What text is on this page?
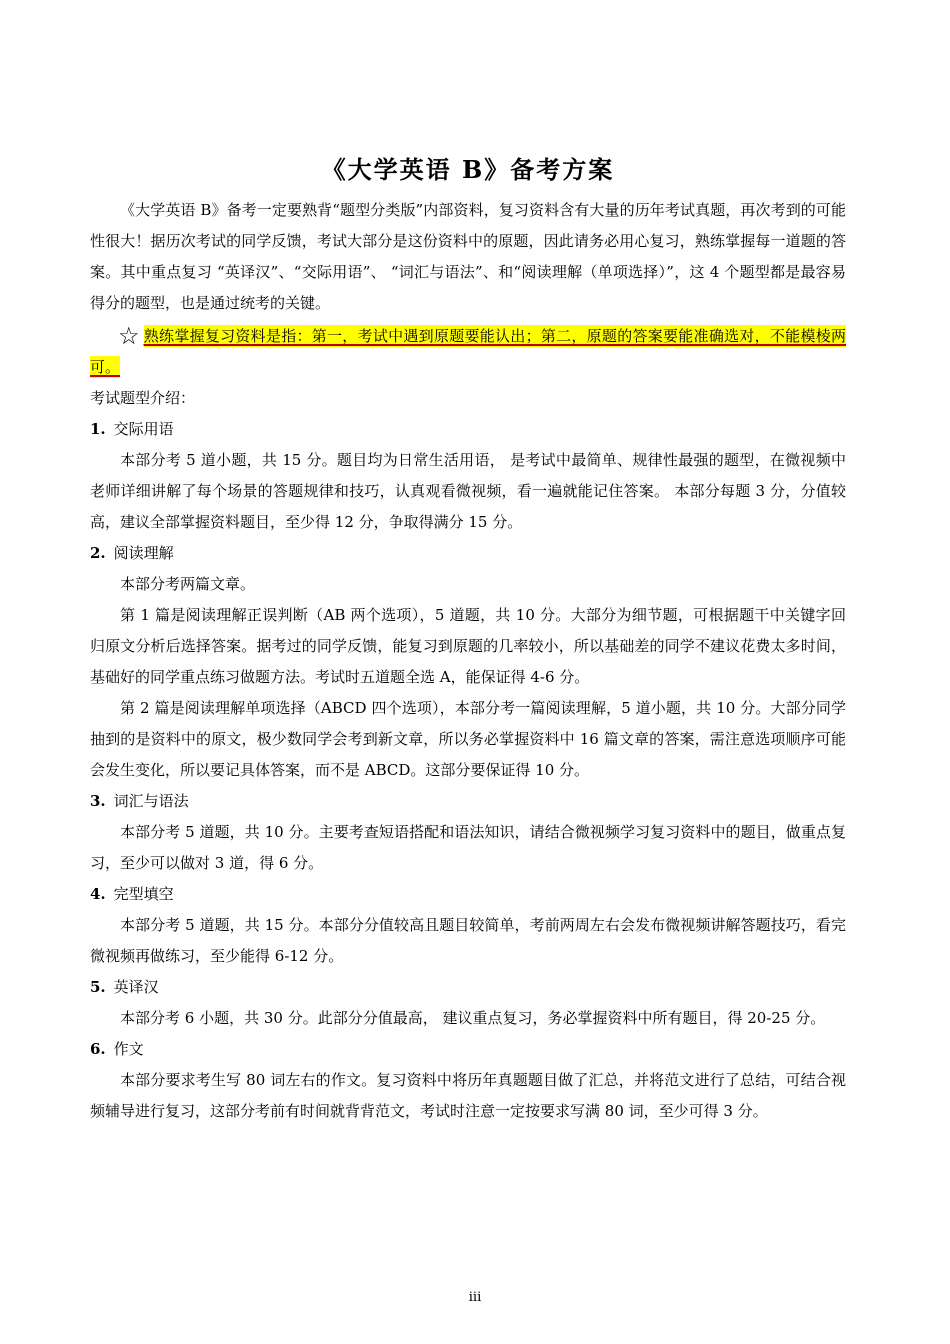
《大学英语 B》备考方案

《大学英语 B》备考一定要熟背“题型分类版”内部资料，复习资料含有大量的历年考试真题，再次考到的可能性很大！据历次考试的同学反馈，考试大部分是这份资料中的原题，因此请务必用心复习，熟练掌握每一道题的答案。其中重点复习 “英译汉”、“交际用语”、 “词汇与语法”、和“阅读理解（单项选择）”，这 4 个题型都是最容易得分的题型，也是通过统考的关键。

☆ 熟练掌握复习资料是指：第一，考试中遇到原题要能认出；第二，原题的答案要能准确选对，不能模棱两可。

考试题型介绍：

1. 交际用语

本部分考 5 道小题，共 15 分。题目均为日常生活用语， 是考试中最简单、规律性最强的题型，在微视频中老师详细讲解了每个场景的答题规律和技巧，认真观看微视频，看一遍就能记住答案。 本部分每题 3 分，分值较高，建议全部掌握资料题目，至少得 12 分，争取得满分 15 分。

2. 阅读理解

本部分考两篇文章。

第 1 篇是阅读理解正误判断（AB 两个选项），5 道题，共 10 分。大部分为细节题，可根据题干中关键字回归原文分析后选择答案。据考过的同学反馈，能复习到原题的几率较小，所以基础差的同学不建议花费太多时间，基础好的同学重点练习做题方法。考试时五道题全选 A，能保证得 4-6 分。

第 2 篇是阅读理解单项选择（ABCD 四个选项），本部分考一篇阅读理解，5 道小题，共 10 分。大部分同学抽到的是资料中的原文，极少数同学会考到新文章，所以务必掌握资料中 16 篇文章的答案，需注意选项顺序可能会发生变化，所以要记具体答案，而不是 ABCD。这部分要保证得 10 分。

3. 词汇与语法

本部分考 5 道题，共 10 分。主要考查短语搭配和语法知识，请结合微视频学习复习资料中的题目，做重点复习，至少可以做对 3 道，得 6 分。

4. 完型填空

本部分考 5 道题，共 15 分。本部分分值较高且题目较简单，考前两周左右会发布微视频讲解答题技巧，看完微视频再做练习，至少能得 6-12 分。

5. 英译汉

本部分考 6 小题，共 30 分。此部分分值最高， 建议重点复习，务必掌握资料中所有题目，得 20-25 分。

6. 作文

本部分要求考生写 80 词左右的作文。复习资料中将历年真题题目做了汇总，并将范文进行了总结，可结合视频辅导进行复习，这部分考前有时间就背背范文，考试时注意一定按要求写满 80 词，至少可得 3 分。

iii
